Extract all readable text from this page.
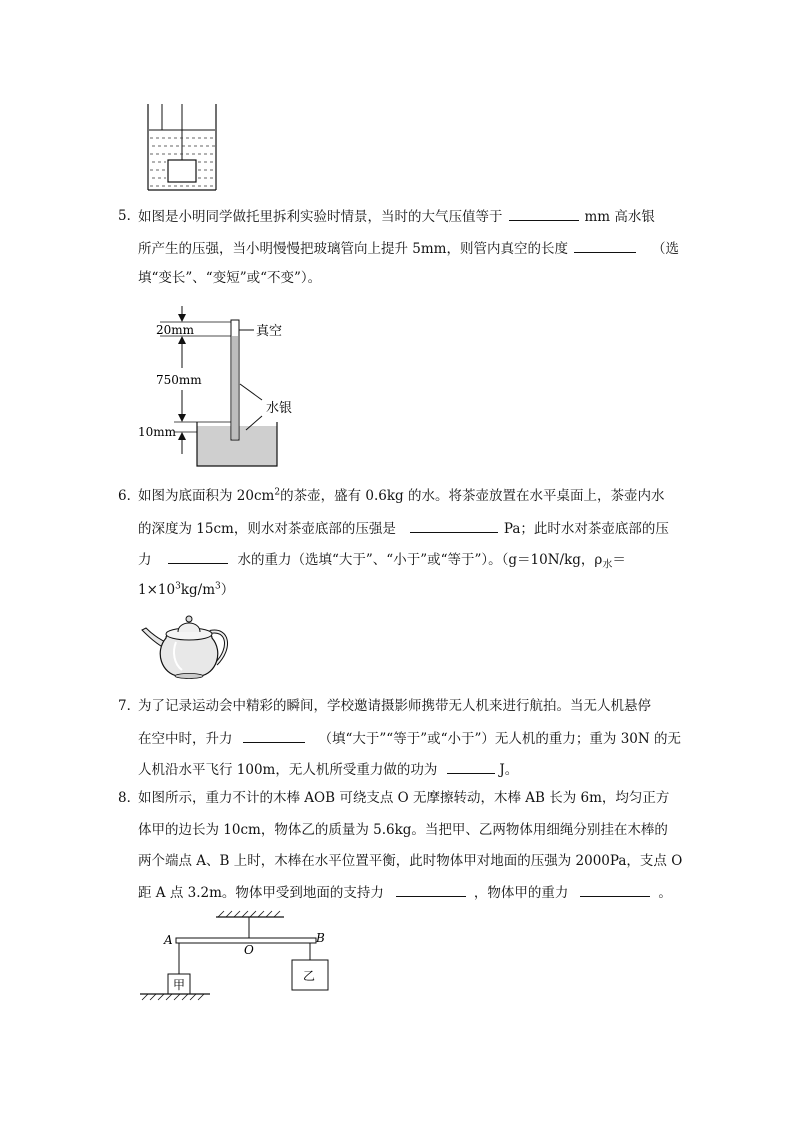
5．
如图是小明同学做托里拆利实验时情景，当时的大气压值等于	mm 高水银
所产生的压强，当小明慢慢把玻璃管向上提升 5mm，则管内真空的长度	（选
填“变长”、“变短”或“不变”）。
20mm
750mm
10mm
真空
水银
6．
如图为底面积为 $20cm^2$的茶壶，盛有 0.6kg 的水。将茶壶放置在水平桌面上，茶壶内水
的深度为 15cm，则水对茶壶底部的压强是	Pa；此时水对茶壶底部的压
力	水的重力（选填“大于”、“小于”或“等于”）。（g＝10N/kg，$\rho_水=$
$1\times 10^3kg/m^3$）
7．
为了记录运动会中精彩的瞬间，学校邀请摄影师携带无人机来进行航拍。当无人机悬停
在空中时，升力	（填“大于”“等于”或“小于”）无人机的重力；重为 30N 的无
人机沿水平飞行 100m，无人机所受重力做的功为	J。
8．
如图所示，重力不计的木棒 AOB 可绕支点 O 无摩擦转动，木棒 AB 长为 6m，均匀正方
体甲的边长为 10cm，物体乙的质量为 5.6kg。当把甲、乙两物体用细绳分别挂在木棒的
两个端点 A、B 上时，木棒在水平位置平衡，此时物体甲对地面的压强为 2000Pa，支点 O
距 A 点 3.2m。物体甲受到地面的支持力	，物体甲的重力	。
A
O
B
甲
乙
